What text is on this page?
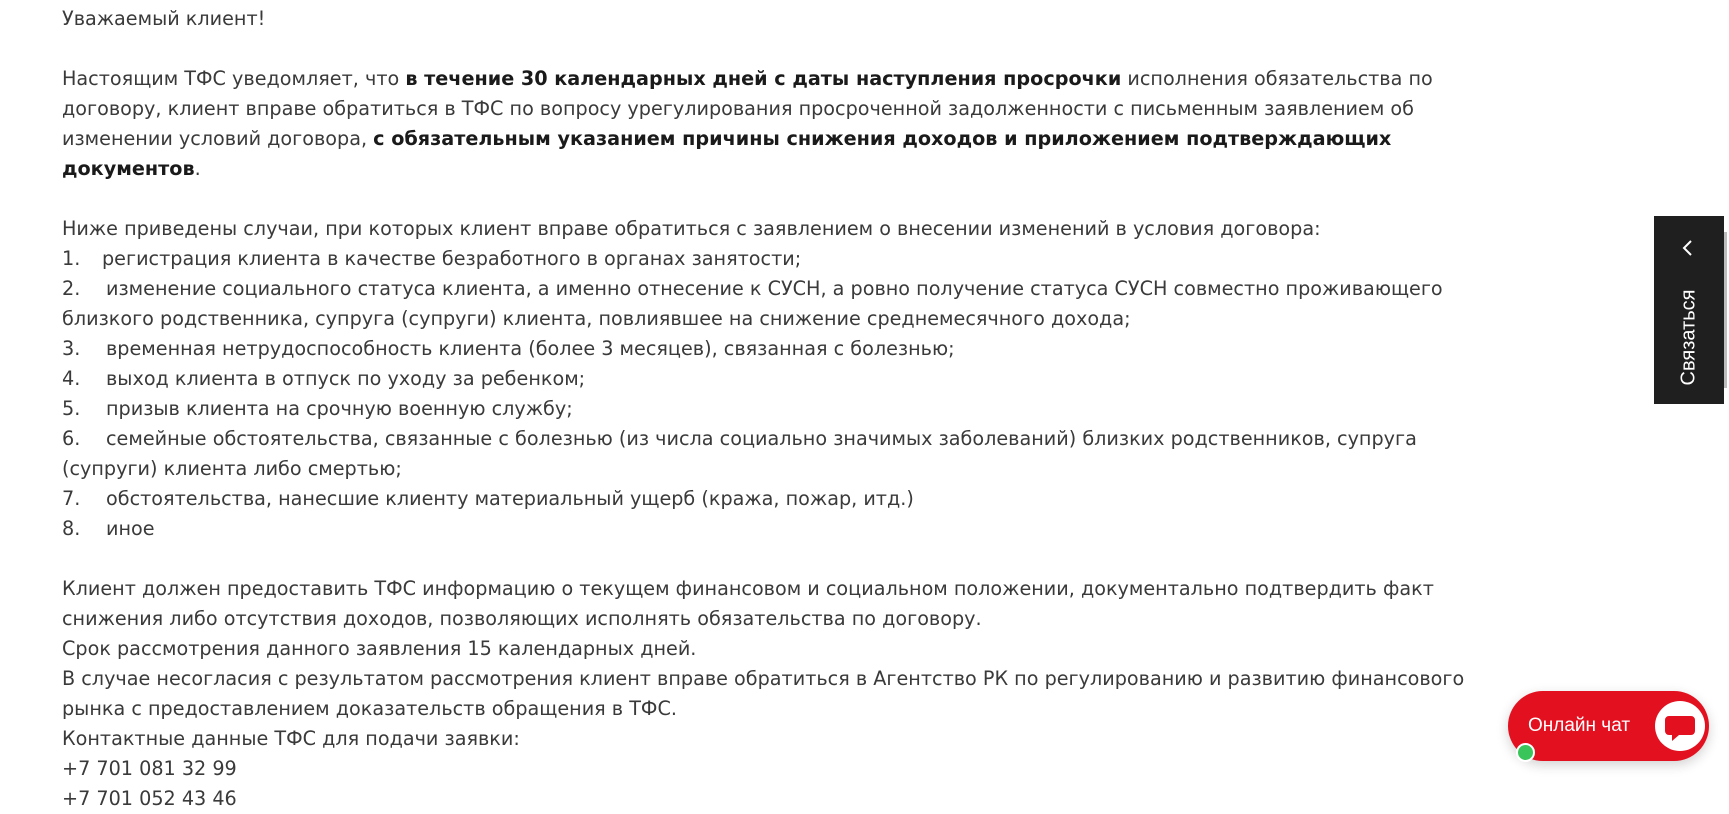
Уважаемый клиент!

Настоящим ТФС уведомляет, что в течение 30 календарных дней с даты наступления просрочки исполнения обязательства по договору, клиент вправе обратиться в ТФС по вопросу урегулирования просроченной задолженности с письменным заявлением об изменении условий договора, с обязательным указанием причины снижения доходов и приложением подтверждающих документов.

Ниже приведены случаи, при которых клиент вправе обратиться с заявлением о внесении изменений в условия договора:

1. регистрация клиента в качестве безработного в органах занятости;
2. изменение социального статуса клиента, а именно отнесение к СУСН, а ровно получение статуса СУСН совместно проживающего близкого родственника, супруга (супруги) клиента, повлиявшее на снижение среднемесячного дохода;
3. временная нетрудоспособность клиента (более 3 месяцев), связанная с болезнью;
4. выход клиента в отпуск по уходу за ребенком;
5. призыв клиента на срочную военную службу;
6. семейные обстоятельства, связанные с болезнью (из числа социально значимых заболеваний) близких родственников, супруга (супруги) клиента либо смертью;
7. обстоятельства, нанесшие клиенту материальный ущерб (кража, пожар, итд.)
8. иное

Клиент должен предоставить ТФС информацию о текущем финансовом и социальном положении, документально подтвердить факт снижения либо отсутствия доходов, позволяющих исполнять обязательства по договору.

Срок рассмотрения данного заявления 15 календарных дней.

В случае несогласия с результатом рассмотрения клиент вправе обратиться в Агентство РК по регулированию и развитию финансового рынка с предоставлением доказательств обращения в ТФС.

Контактные данные ТФС для подачи заявки:

+7 701 081 32 99

+7 701 052 43 46

Связаться
Онлайн чат
